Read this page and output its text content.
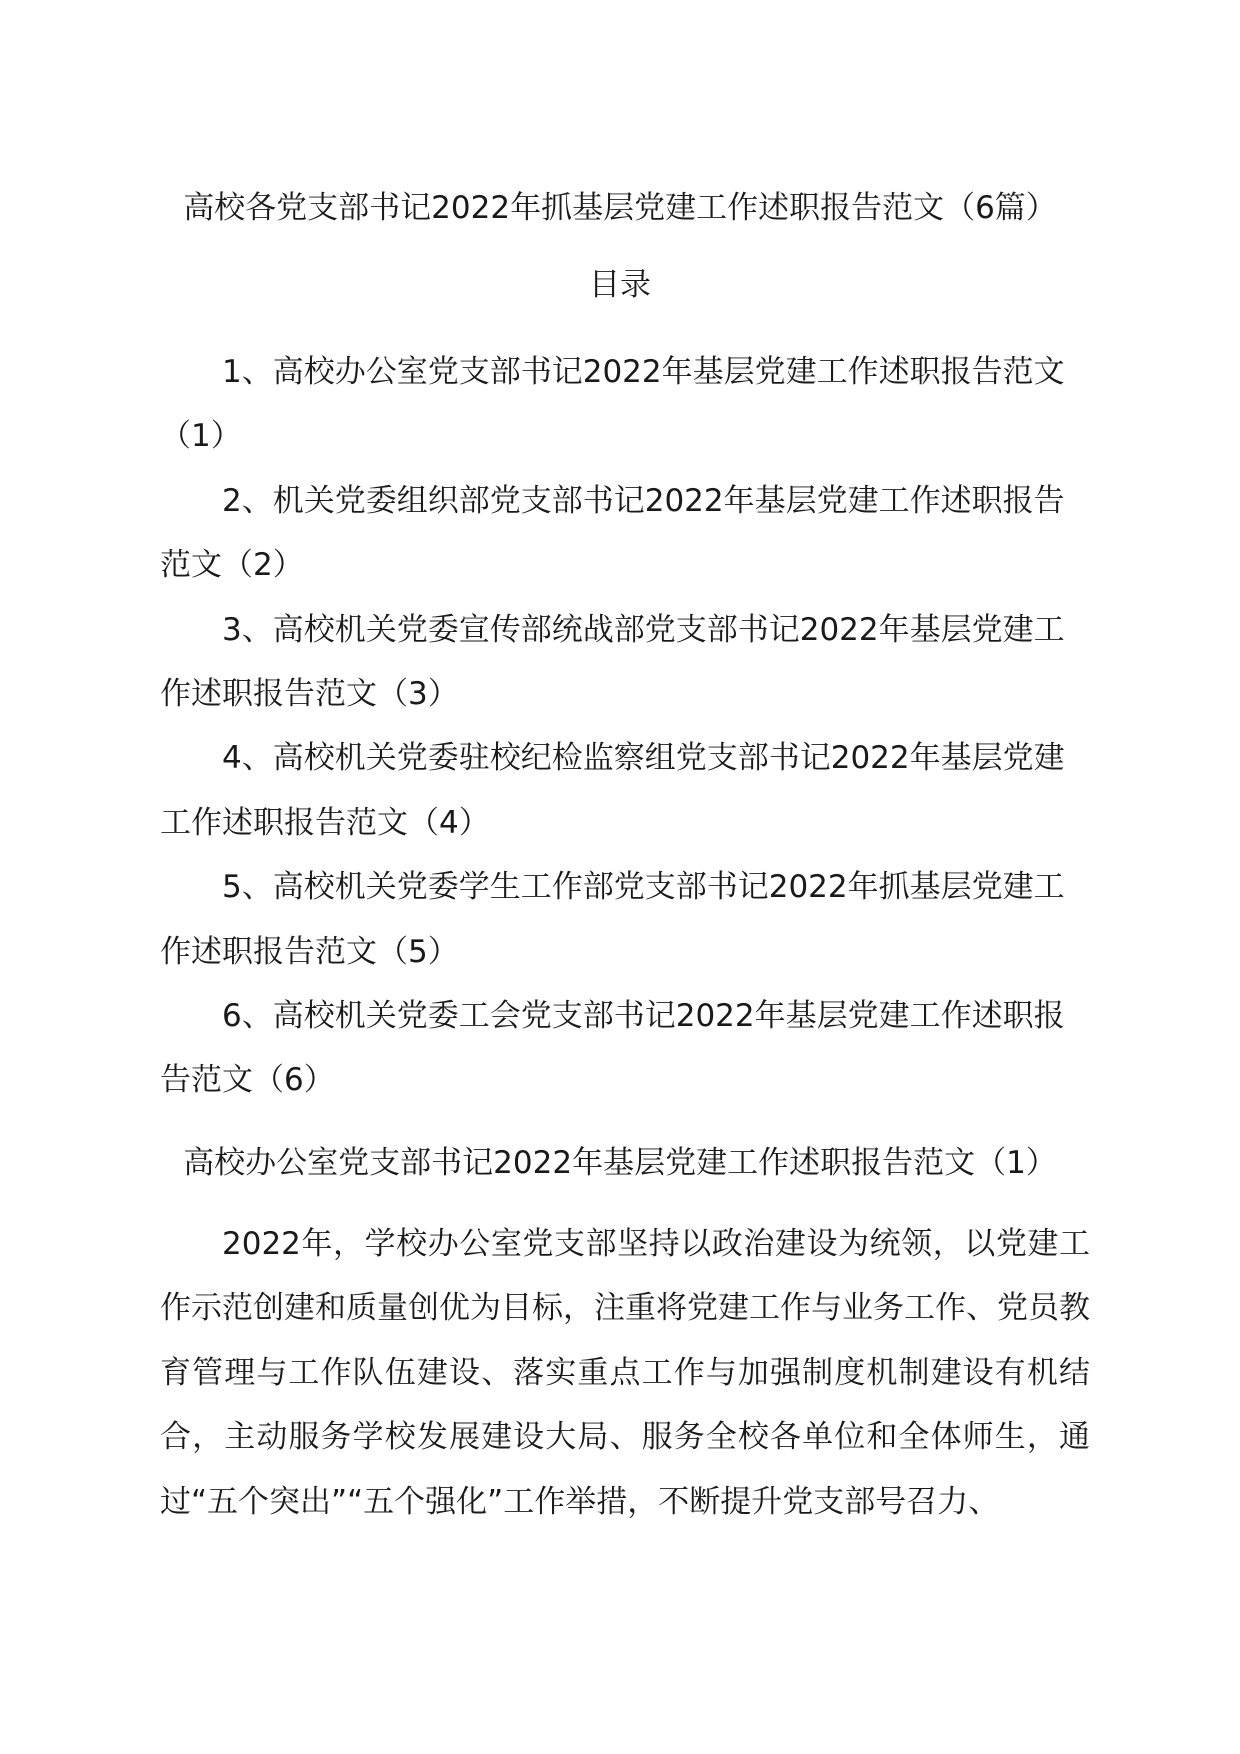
高校各党支部书记2022年抓基层党建工作述职报告范文（6篇）
目录
1、高校办公室党支部书记2022年基层党建工作述职报告范文（1）
2、机关党委组织部党支部书记2022年基层党建工作述职报告范文（2）
3、高校机关党委宣传部统战部党支部书记2022年基层党建工作述职报告范文（3）
4、高校机关党委驻校纪检监察组党支部书记2022年基层党建工作述职报告范文（4）
5、高校机关党委学生工作部党支部书记2022年抓基层党建工作述职报告范文（5）
6、高校机关党委工会党支部书记2022年基层党建工作述职报告范文（6）
高校办公室党支部书记2022年基层党建工作述职报告范文（1）

2022年，学校办公室党支部坚持以政治建设为统领，以党建工作示范创建和质量创优为目标，注重将党建工作与业务工作、党员教育管理与工作队伍建设、落实重点工作与加强制度机制建设有机结合，主动服务学校发展建设大局、服务全校各单位和全体师生，通过“五个突出”“五个强化”工作举措，不断提升党支部号召力、
